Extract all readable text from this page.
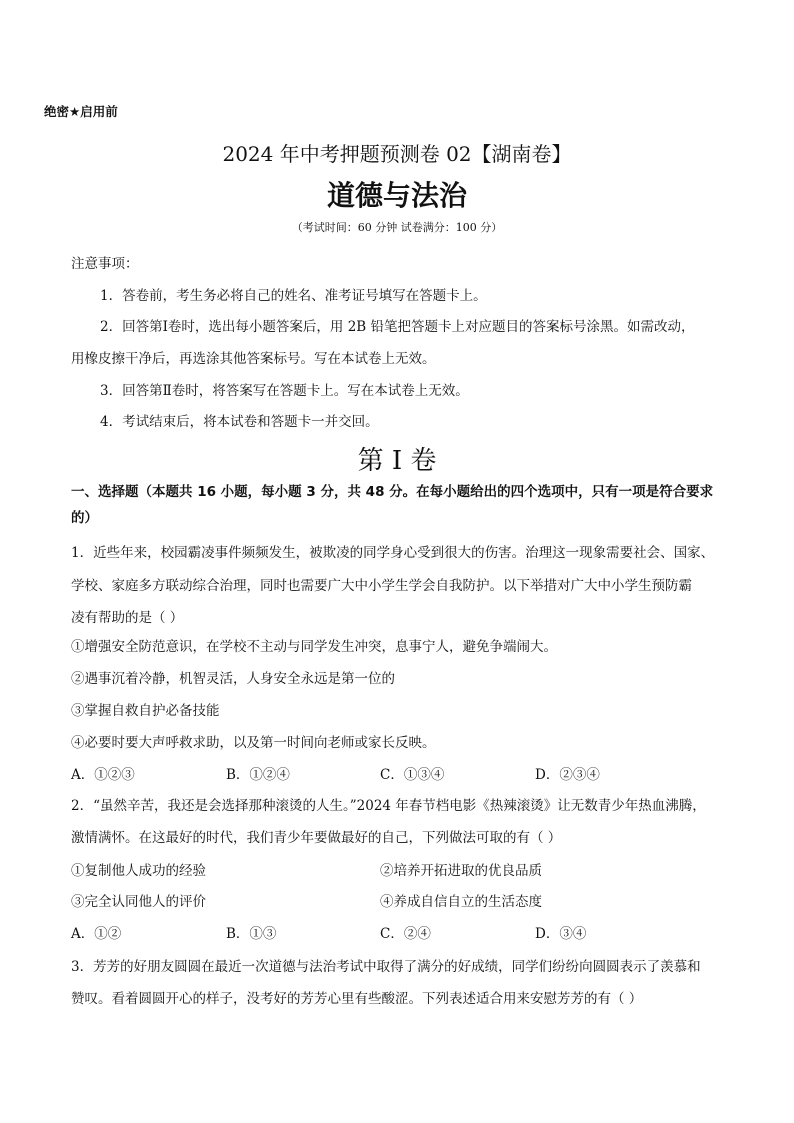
绝密★启用前
2024 年中考押题预测卷 02【湖南卷】
道德与法治
（考试时间：60 分钟 试卷满分：100 分）
注意事项：
1．答卷前，考生务必将自己的姓名、准考证号填写在答题卡上。
2．回答第Ⅰ卷时，选出每小题答案后，用 2B 铅笔把答题卡上对应题目的答案标号涂黑。如需改动，
用橡皮擦干净后，再选涂其他答案标号。写在本试卷上无效。
3．回答第Ⅱ卷时，将答案写在答题卡上。写在本试卷上无效。
4．考试结束后，将本试卷和答题卡一并交回。
第 I 卷
一、选择题（本题共 16 小题，每小题 3 分，共 48 分。在每小题给出的四个选项中，只有一项是符合要求
的）
1．近些年来，校园霸凌事件频频发生，被欺凌的同学身心受到很大的伤害。治理这一现象需要社会、国家、
学校、家庭多方联动综合治理，同时也需要广大中小学生学会自我防护。以下举措对广大中小学生预防霸
凌有帮助的是（ ）
①增强安全防范意识，在学校不主动与同学发生冲突，息事宁人，避免争端闹大。
②遇事沉着冷静，机智灵活，人身安全永远是第一位的
③掌握自救自护必备技能
④必要时要大声呼救求助，以及第一时间向老师或家长反映。
A．①②③	B．①②④	C．①③④	D．②③④
2．“虽然辛苦，我还是会选择那种滚烫的人生。”2024 年春节档电影《热辣滚烫》让无数青少年热血沸腾，
激情满怀。在这最好的时代，我们青少年要做最好的自己，下列做法可取的有（ ）
①复制他人成功的经验	②培养开拓进取的优良品质
③完全认同他人的评价	④养成自信自立的生活态度
A．①②	B．①③	C．②④	D．③④
3．芳芳的好朋友圆圆在最近一次道德与法治考试中取得了满分的好成绩，同学们纷纷向圆圆表示了羡慕和
赞叹。看着圆圆开心的样子，没考好的芳芳心里有些酸涩。下列表述适合用来安慰芳芳的有（ ）
